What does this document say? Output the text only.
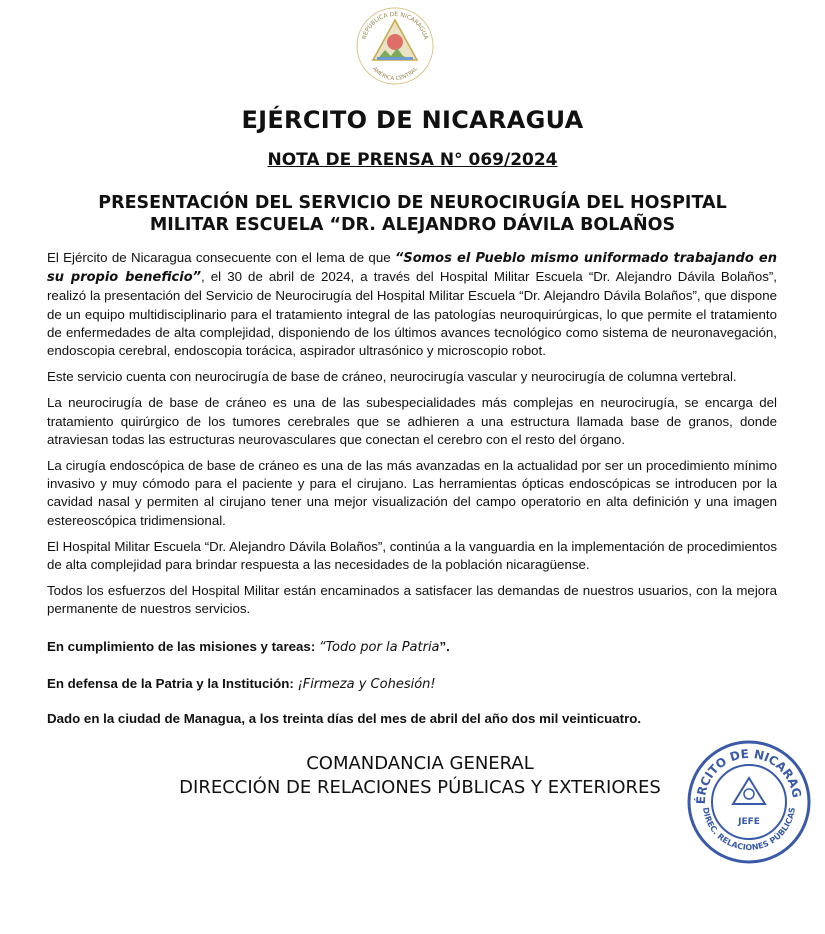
REPÚBLICA DE NICARAGUA
AMÉRICA CENTRAL
EJÉRCITO DE NICARAGUA
NOTA DE PRENSA N° 069/2024
PRESENTACIÓN DEL SERVICIO DE NEUROCIRUGÍA DEL HOSPITAL
MILITAR ESCUELA “DR. ALEJANDRO DÁVILA BOLAÑOS

El Ejército de Nicaragua consecuente con el lema de que “Somos el Pueblo mismo uniformado trabajando en su propio beneficio”, el 30 de abril de 2024, a través del Hospital Militar Escuela “Dr. Alejandro Dávila Bolaños”, realizó la presentación del Servicio de Neurocirugía del Hospital Militar Escuela “Dr. Alejandro Dávila Bolaños”, que dispone de un equipo multidisciplinario para el tratamiento integral de las patologías neuroquirúrgicas, lo que permite el tratamiento de enfermedades de alta complejidad, disponiendo de los últimos avances tecnológico como sistema de neuronavegación, endoscopia cerebral, endoscopia torácica, aspirador ultrasónico y microscopio robot.

Este servicio cuenta con neurocirugía de base de cráneo, neurocirugía vascular y neurocirugía de columna vertebral.

La neurocirugía de base de cráneo es una de las subespecialidades más complejas en neurocirugía, se encarga del tratamiento quirúrgico de los tumores cerebrales que se adhieren a una estructura llamada base de granos, donde atraviesan todas las estructuras neurovasculares que conectan el cerebro con el resto del órgano.

La cirugía endoscópica de base de cráneo es una de las más avanzadas en la actualidad por ser un procedimiento mínimo invasivo y muy cómodo para el paciente y para el cirujano. Las herramientas ópticas endoscópicas se introducen por la cavidad nasal y permiten al cirujano tener una mejor visualización del campo operatorio en alta definición y una imagen estereoscópica tridimensional.

El Hospital Militar Escuela “Dr. Alejandro Dávila Bolaños”, continúa a la vanguardia en la implementación de procedimientos de alta complejidad para brindar respuesta a las necesidades de la población nicaragüense.

Todos los esfuerzos del Hospital Militar están encaminados a satisfacer las demandas de nuestros usuarios, con la mejora permanente de nuestros servicios.

En cumplimiento de las misiones y tareas: “Todo por la Patria”.
En defensa de la Patria y la Institución: ¡Firmeza y Cohesión!
Dado en la ciudad de Managua, a los treinta días del mes de abril del año dos mil veinticuatro.
COMANDANCIA GENERAL
DIRECCIÓN DE RELACIONES PÚBLICAS Y EXTERIORES
ÉRCITO DE NICARAG
DIREC. RELACIONES PÚBLICAS
JEFE
